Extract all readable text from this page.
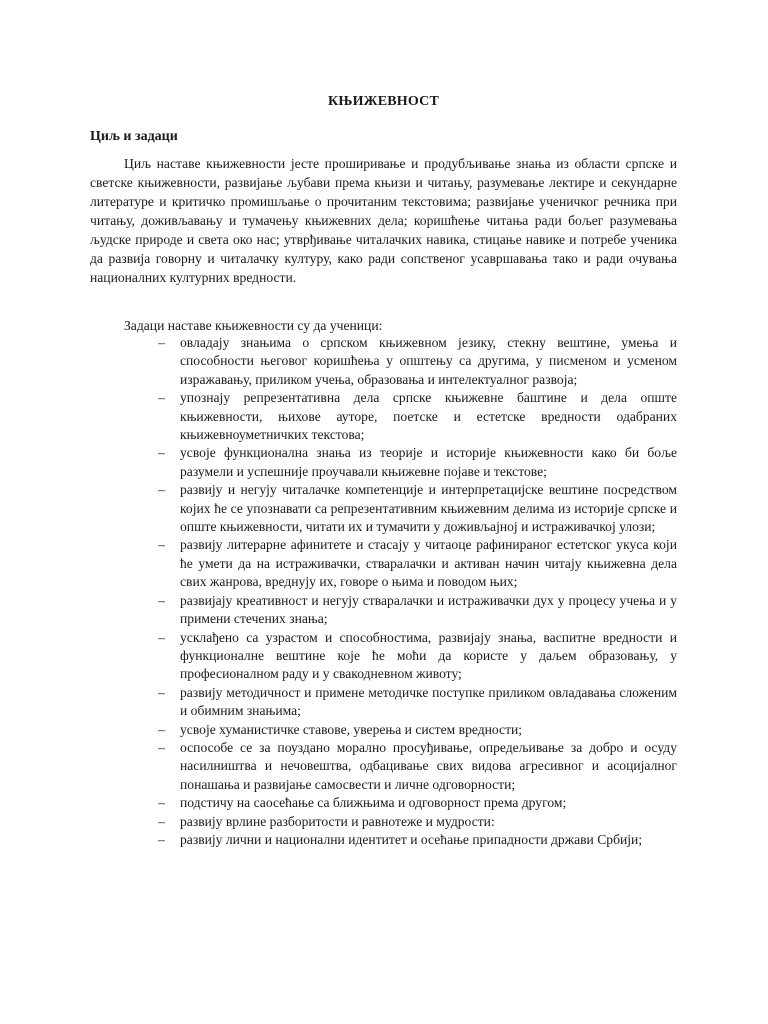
КЊИЖЕВНОСТ
Циљ и задаци

Циљ наставе књижевности јесте проширивање и продубљивање знања из области српске и светске књижевности, развијање љубави према књизи и читању, разумевање лектире и секундарне литературе и критичко промишљање о прочитаним текстовима; развијање ученичког речника при читању, доживљавању и тумачењу књижевних дела; коришћење читања ради бољег разумевања људске природе и света око нас; утврђивање читалачких навика, стицање навике и потребе ученика да развија говорну и читалачку културу, како ради сопственог усавршавања тако и ради очувања националних културних вредности.

Задаци наставе књижевности су да ученици:
– овладају знањима о српском књижевном језику, стекну вештине, умења и способности његовог коришћења у општењу са другима, у писменом и усменом изражавању, приликом учења, образовања и интелектуалног развоја;
– упознају репрезентативна дела српске књижевне баштине и дела опште књижевности, њихове ауторе, поетске и естетске вредности одабраних књижевноуметничких текстова;
– усвоје функционална знања из теорије и историје књижевности како би боље разумели и успешније проучавали књижевне појаве и текстове;
– развију и негују читалачке компетенције и интерпретацијске вештине посредством којих ће се упознавати са репрезентативним књижевним делима из историје српске и опште књижевности, читати их и тумачити у доживљајној и истраживачкој улози;
– развију литерарне афинитете и стасају у читаоце рафинираног естетског укуса који ће умети да на истраживачки, стваралачки и активан начин читају књижевна дела свих жанрова, вреднују их, говоре о њима и поводом њих;
– развијају креативност и негују стваралачки и истраживачки дух у процесу учења и у примени стечених знања;
– усклађено са узрастом и способностима, развијају знања, васпитне вредности и функционалне вештине које ће моћи да користе у даљем образовању, у професионалном раду и у свакодневном животу;
– развију методичност и примене методичке поступке приликом овладавања сложеним и обимним знањима;
– усвоје хуманистичке ставове, уверења и систем вредности;
– оспособе се за поуздано морално просуђивање, опредељивање за добро и осуду насилништва и нечовештва, одбацивање свих видова агресивног и асоцијалног понашања и развијање самосвести и личне одговорности;
– подстичу на саосећање са ближњима и одговорност према другом;
– развију врлине разборитости и равнотеже и мудрости:
– развију лични и национални идентитет и осећање припадности држави Србији;
